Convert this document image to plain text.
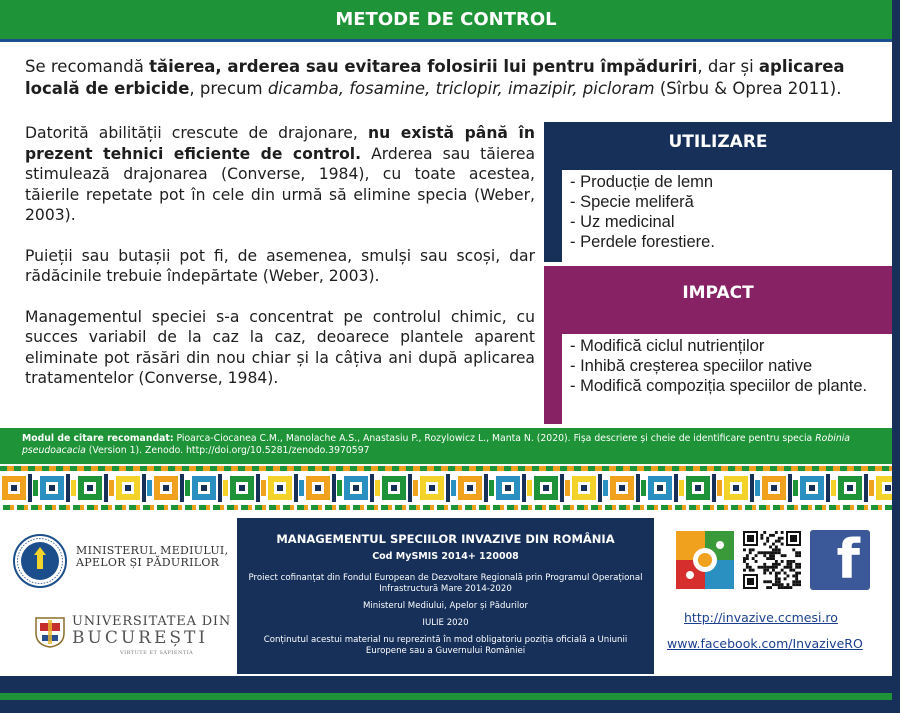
METODE DE CONTROL
Se recomandă tăierea, arderea sau evitarea folosirii lui pentru împăduriri, dar și aplicarea locală de erbicide, precum dicamba, fosamine, triclopir, imazipir, picloram (Sîrbu & Oprea 2011).

Datorită abilității crescute de drajonare, nu există până în prezent tehnici eficiente de control. Arderea sau tăierea stimulează drajonarea (Converse, 1984), cu toate acestea, tăierile repetate pot în cele din urmă să elimine specia (Weber, 2003).

Puieții sau butașii pot fi, de asemenea, smulși sau scoși, dar rădăcinile trebuie îndepărtate (Weber, 2003).

Managementul speciei s-a concentrat pe controlul chimic, cu succes variabil de la caz la caz, deoarece plantele aparent eliminate pot răsări din nou chiar și la câțiva ani după aplicarea tratamentelor (Converse, 1984).

UTILIZARE
- Producție de lemn
- Specie meliferă
- Uz medicinal
- Perdele forestiere.
IMPACT
- Modifică ciclul nutrienților
- Inhibă creșterea speciilor native
- Modifică compoziția speciilor de plante.
Modul de citare recomandat: Pioarca-Ciocanea C.M., Manolache A.S., Anastasiu P., Rozylowicz L., Manta N. (2020). Fișa descriere și cheie de identificare pentru specia Robinia pseudoacacia (Version 1). Zenodo. http://doi.org/10.5281/zenodo.3970597
MINISTERUL MEDIULUI,
APELOR ȘI PĂDURILOR
UNIVERSITATEA DIN
BUCUREȘTI
VIRTUTE ET SAPIENTIA
MANAGEMENTUL SPECIILOR INVAZIVE DIN ROMÂNIA
Cod MySMIS 2014+ 120008
Proiect cofinanțat din Fondul European de Dezvoltare Regională prin Programul Operațional Infrastructură Mare 2014-2020
Ministerul Mediului, Apelor și Pădurilor
IULIE 2020
Conținutul acestui material nu reprezintă în mod obligatoriu poziția oficială a Uniunii Europene sau a Guvernului României
f
http://invazive.ccmesi.ro
www.facebook.com/InvaziveRO
